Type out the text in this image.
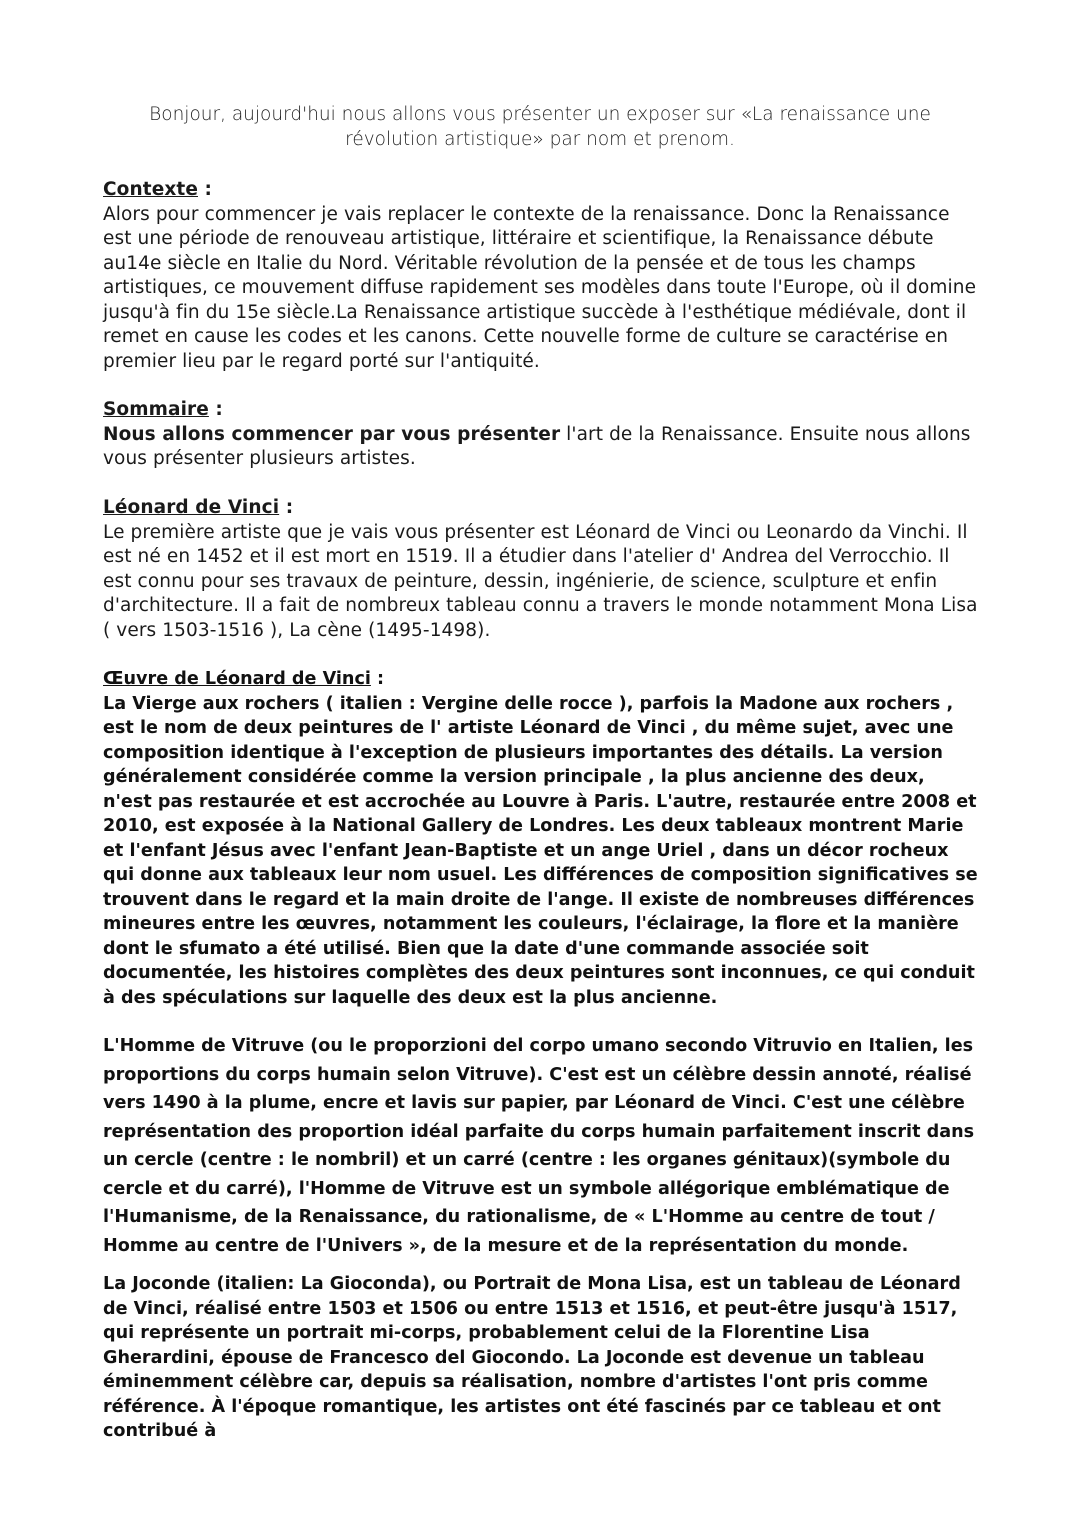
Bonjour, aujourd'hui nous allons vous présenter un exposer sur «La renaissance une révolution artistique» par nom et prenom.
Contexte :
Alors pour commencer je vais replacer le contexte de la renaissance. Donc la Renaissance est une période de renouveau artistique, littéraire et scientifique, la Renaissance débute au14e siècle en Italie du Nord. Véritable révolution de la pensée et de tous les champs artistiques, ce mouvement diffuse rapidement ses modèles dans toute l'Europe, où il domine jusqu'à fin du 15e siècle.La Renaissance artistique succède à l'esthétique médiévale, dont il remet en cause les codes et les canons. Cette nouvelle forme de culture se caractérise en premier lieu par le regard porté sur l'antiquité.
Sommaire :
Nous allons commencer par vous présenter l'art de la Renaissance. Ensuite nous allons vous présenter plusieurs artistes.
Léonard de Vinci :
Le première artiste que je vais vous présenter est Léonard de Vinci ou Leonardo da Vinchi. Il est né en 1452 et il est mort en 1519. Il a étudier dans l'atelier d' Andrea del Verrocchio. Il est connu pour ses travaux de peinture, dessin, ingénierie, de science, sculpture et enfin d'architecture. Il a fait de nombreux tableau connu a travers le monde notamment Mona Lisa ( vers 1503-1516 ), La cène (1495-1498).
Œuvre de Léonard de Vinci :
La Vierge aux rochers ( italien : Vergine delle rocce ), parfois la Madone aux rochers , est le nom de deux peintures de l' artiste Léonard de Vinci , du même sujet, avec une composition identique à l'exception de plusieurs importantes des détails. La version généralement considérée comme la version principale , la plus ancienne des deux, n'est pas restaurée et est accrochée au Louvre à Paris. L'autre, restaurée entre 2008 et 2010, est exposée à la National Gallery de Londres. Les deux tableaux montrent Marie et l'enfant Jésus avec l'enfant Jean-Baptiste et un ange Uriel , dans un décor rocheux qui donne aux tableaux leur nom usuel. Les différences de composition significatives se trouvent dans le regard et la main droite de l'ange. Il existe de nombreuses différences mineures entre les œuvres, notamment les couleurs, l'éclairage, la flore et la manière dont le sfumato a été utilisé. Bien que la date d'une commande associée soit documentée, les histoires complètes des deux peintures sont inconnues, ce qui conduit à des spéculations sur laquelle des deux est la plus ancienne.
L'Homme de Vitruve (ou le proporzioni del corpo umano secondo Vitruvio en Italien, les proportions du corps humain selon Vitruve). C'est est un célèbre dessin annoté, réalisé vers 1490 à la plume, encre et lavis sur papier, par Léonard de Vinci. C'est une célèbre représentation des proportion idéal parfaite du corps humain parfaitement inscrit dans un cercle (centre : le nombril) et un carré (centre : les organes génitaux)(symbole du cercle et du carré), l'Homme de Vitruve est un symbole allégorique emblématique de l'Humanisme, de la Renaissance, du rationalisme, de « L'Homme au centre de tout / Homme au centre de l'Univers », de la mesure et de la représentation du monde.
La Joconde (italien: La Gioconda), ou Portrait de Mona Lisa, est un tableau de Léonard de Vinci, réalisé entre 1503 et 1506 ou entre 1513 et 1516, et peut-être jusqu'à 1517, qui représente un portrait mi-corps, probablement celui de la Florentine Lisa Gherardini, épouse de Francesco del Giocondo. La Joconde est devenue un tableau éminemment célèbre car, depuis sa réalisation, nombre d'artistes l'ont pris comme référence. À l'époque romantique, les artistes ont été fascinés par ce tableau et ont contribué à
